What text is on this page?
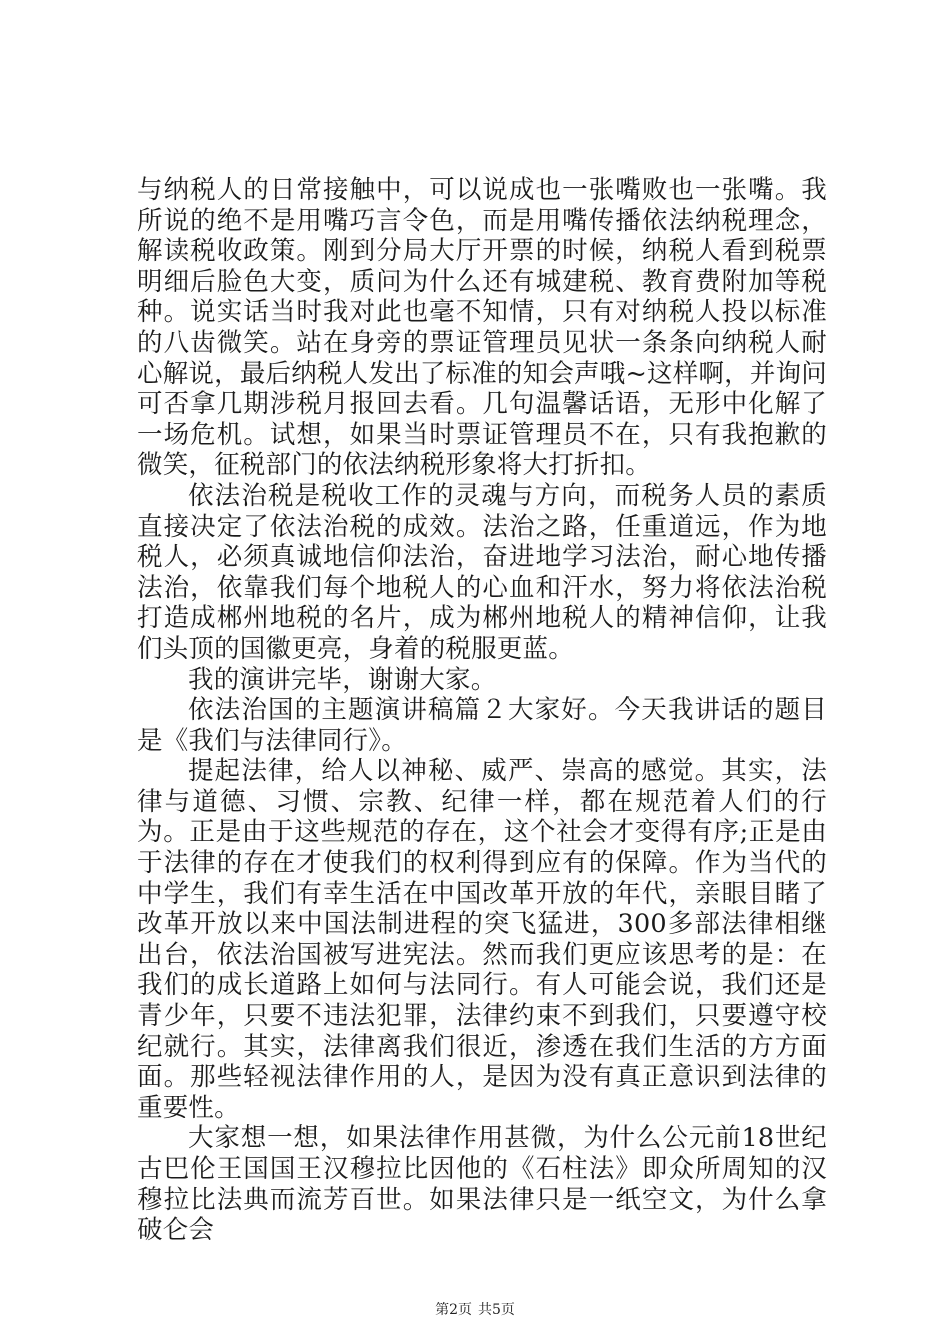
与纳税人的日常接触中，可以说成也一张嘴败也一张嘴。我所说的绝不是用嘴巧言令色，而是用嘴传播依法纳税理念，解读税收政策。刚到分局大厅开票的时候，纳税人看到税票明细后脸色大变，质问为什么还有城建税、教育费附加等税种。说实话当时我对此也毫不知情，只有对纳税人投以标准的八齿微笑。站在身旁的票证管理员见状一条条向纳税人耐心解说，最后纳税人发出了标准的知会声哦~这样啊，并询问可否拿几期涉税月报回去看。几句温馨话语，无形中化解了一场危机。试想，如果当时票证管理员不在，只有我抱歉的微笑，征税部门的依法纳税形象将大打折扣。

依法治税是税收工作的灵魂与方向，而税务人员的素质直接决定了依法治税的成效。法治之路，任重道远，作为地税人，必须真诚地信仰法治，奋进地学习法治，耐心地传播法治，依靠我们每个地税人的心血和汗水，努力将依法治税打造成郴州地税的名片，成为郴州地税人的精神信仰，让我们头顶的国徽更亮，身着的税服更蓝。

我的演讲完毕，谢谢大家。

依法治国的主题演讲稿篇２大家好。今天我讲话的题目是《我们与法律同行》。

提起法律，给人以神秘、威严、崇高的感觉。其实，法律与道德、习惯、宗教、纪律一样，都在规范着人们的行为。正是由于这些规范的存在，这个社会才变得有序;正是由于法律的存在才使我们的权利得到应有的保障。作为当代的中学生，我们有幸生活在中国改革开放的年代，亲眼目睹了改革开放以来中国法制进程的突飞猛进，300多部法律相继出台，依法治国被写进宪法。然而我们更应该思考的是：在我们的成长道路上如何与法同行。有人可能会说，我们还是青少年，只要不违法犯罪，法律约束不到我们，只要遵守校纪就行。其实，法律离我们很近，渗透在我们生活的方方面面。那些轻视法律作用的人，是因为没有真正意识到法律的重要性。

大家想一想，如果法律作用甚微，为什么公元前18世纪古巴伦王国国王汉穆拉比因他的《石柱法》即众所周知的汉穆拉比法典而流芳百世。如果法律只是一纸空文，为什么拿破仑会

第2页 共5页
